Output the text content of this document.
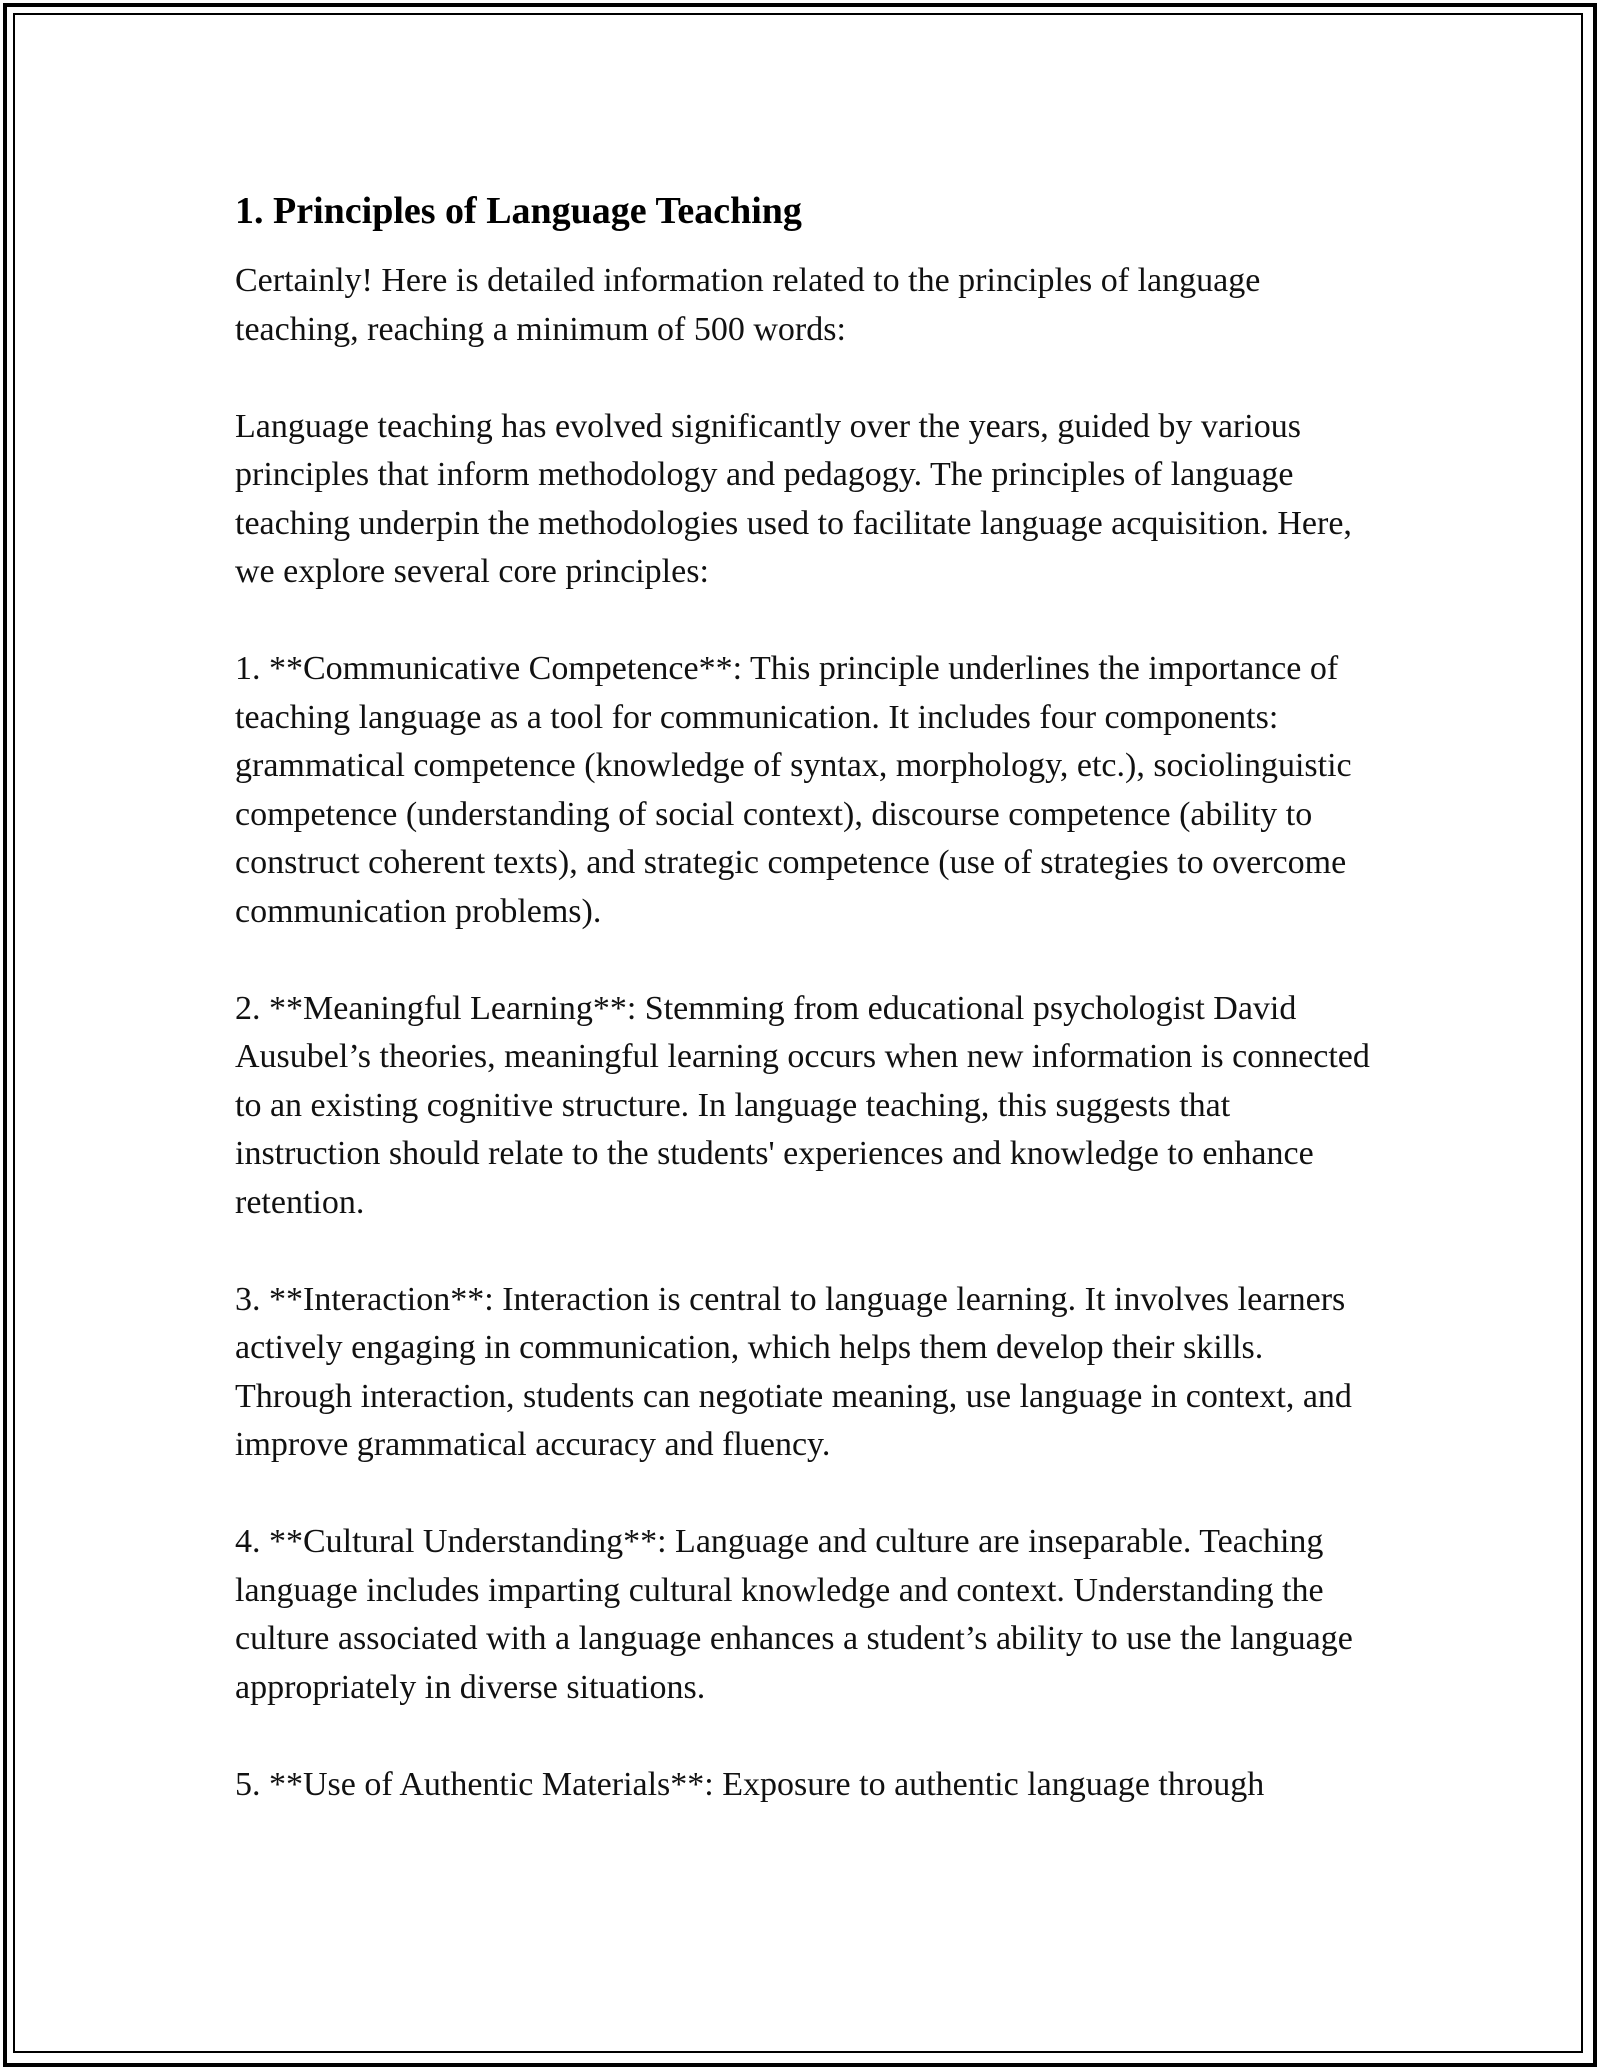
1. Principles of Language Teaching

Certainly! Here is detailed information related to the principles of language teaching, reaching a minimum of 500 words:

Language teaching has evolved significantly over the years, guided by various principles that inform methodology and pedagogy. The principles of language teaching underpin the methodologies used to facilitate language acquisition. Here, we explore several core principles:

1. **Communicative Competence**: This principle underlines the importance of teaching language as a tool for communication. It includes four components: grammatical competence (knowledge of syntax, morphology, etc.), sociolinguistic competence (understanding of social context), discourse competence (ability to construct coherent texts), and strategic competence (use of strategies to overcome communication problems).

2. **Meaningful Learning**: Stemming from educational psychologist David Ausubel’s theories, meaningful learning occurs when new information is connected to an existing cognitive structure. In language teaching, this suggests that instruction should relate to the students' experiences and knowledge to enhance retention.

3. **Interaction**: Interaction is central to language learning. It involves learners actively engaging in communication, which helps them develop their skills. Through interaction, students can negotiate meaning, use language in context, and improve grammatical accuracy and fluency.

4. **Cultural Understanding**: Language and culture are inseparable. Teaching language includes imparting cultural knowledge and context. Understanding the culture associated with a language enhances a student’s ability to use the language appropriately in diverse situations.

5. **Use of Authentic Materials**: Exposure to authentic language through
